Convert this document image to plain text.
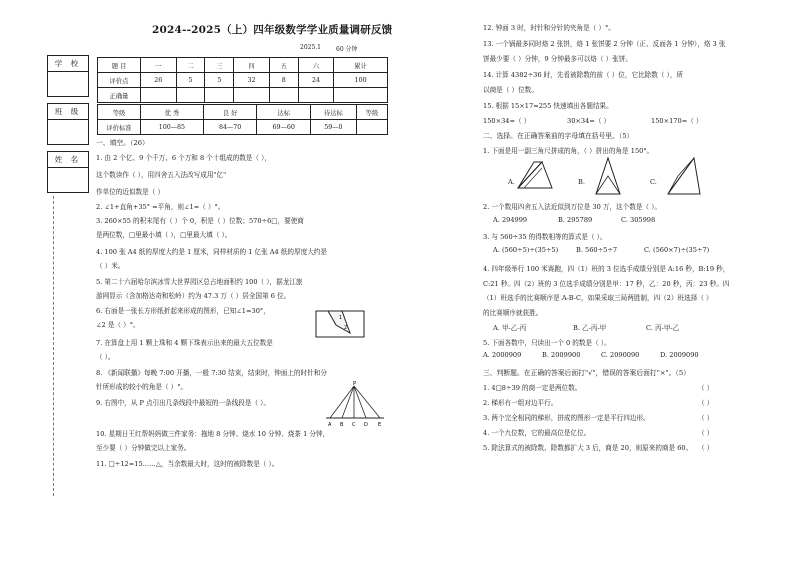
2024--2025（上）四年级数学学业质量调研反馈
2025.1	60 分钟
学 校
班 级
姓 名
题 目	一	二	三	四	五	六	累计
评价点	26	5	5	32	8	24	100
正确量							
等级	优 秀	良 好	达标	待达标	等级
评价标准	100—85	84—70	69—60	59—0	
一、填空。（26）
1. 由 2 个亿、9 个千万、6 个万和 8 个十组成的数是（ ），
这个数读作（ ），用四舍五入法改写成用"亿"
作单位的近似数是（ ）
2. ∠1+直角+35° =平角，则∠1=（ ）°。
3. 260×55 的积末尾有（ ）个 0，积是（ ）位数；570÷6□，要使商
是两位数，□里最小填（ ），□里最大填（ ）。
4. 100 张 A4 纸的厚度大约是 1 厘米，同样材质的 1 亿张 A4 纸的厚度大约是
（ ）米。
5. 第二十六届哈尔滨冰雪大世界园区总占地面积约 100（ ），据龙江旅
游网显示（含加格达奇和松岭）约为 47.3 万（ ）居全国第 6 位。
6. 右面是一张长方形纸折起来形成的图形，已知∠1=30°，
∠2 是（ ）°。
1
2
7. 在算盘上用 1 颗上珠和 4 颗下珠表示出来的最大五位数是
（ ）。
8. 《新闻联播》每晚 7:00 开播，一般 7:30 结束，结束时，钟面上的时针和分
针所形成的较小的角是（ ）°。
9. 右图中，从 P 点引出几条线段中最短的一条线段是（ ）。
P
A B C D E
10. 星期日王红帮妈妈做三件家务：拖地 8 分钟、烧水 10 分钟、烧茶 1 分钟，
至少要（ ）分钟做完以上家务。
11. □÷12=15……△，当余数最大时，这时的被除数是（ ）。
12. 钟面 3 时，时针和分针的夹角是（ ）°。
13. 一个锅最多同时烙 2 张饼，烙 1 张饼要 2 分钟（正、反面各 1 分钟），烙 3 张
饼最少要（ ）分钟，9 分钟最多可以烙（ ）张饼。
14. 计算 4382÷36 时，先看被除数的前（ ）位，它比除数（ ），所
以商是（ ）位数。
15. 根据 15×17=255 快速填出各题结果。
150×34=（ ）	30×34=（ ）	150×170=（ ）
二、选择。在正确答案前的字母填在括号里。（5）
1. 下面是用一副三角尺拼成的角，（ ）拼出的角是 150°。
A.	B.	C.
2. 一个数用四舍五入法近似到万位是 30 万，这个数是（ ）。
A. 294999	B. 295789	C. 305998
3. 与 560÷35 的得数相等的算式是（ ）。
A. (560÷5)÷(35÷5)	B. 560÷5÷7	C. (560×7)÷(35÷7)
4. 四年级举行 100 米赛跑，四（1）班的 3 位选手成绩分别是 A:16 秒，B:19 秒，
C:21 秒。四（2）班的 3 位选手成绩分别是甲：17 秒，乙：20 秒，丙：23 秒。四
（1）班选手的比赛顺序是 A-B-C，如果采取三局两胜制，四（2）班选择（ ）
的比赛顺序就获胜。
A. 甲-乙-丙	B. 乙-丙-甲	C. 丙-甲-乙
5. 下面各数中，只读出一个 0 的数是（ ）。
A. 2000909	B. 2009900	C. 2090090	D. 2009090
三、判断题。在正确的答案后面打"√"，错误的答案后面打"×"。（5）
1. 4□8÷39 的商一定是两位数。	（ ）
2. 梯形有一组对边平行。	（ ）
3. 两个完全相同的梯形，拼成的图形一定是平行四边形。	（ ）
4. 一个九位数，它的最高位是亿位。	（ ）
5. 除法算式的被除数、除数都扩大 3 后，商是 20，则原来的商是 60。 （ ）
